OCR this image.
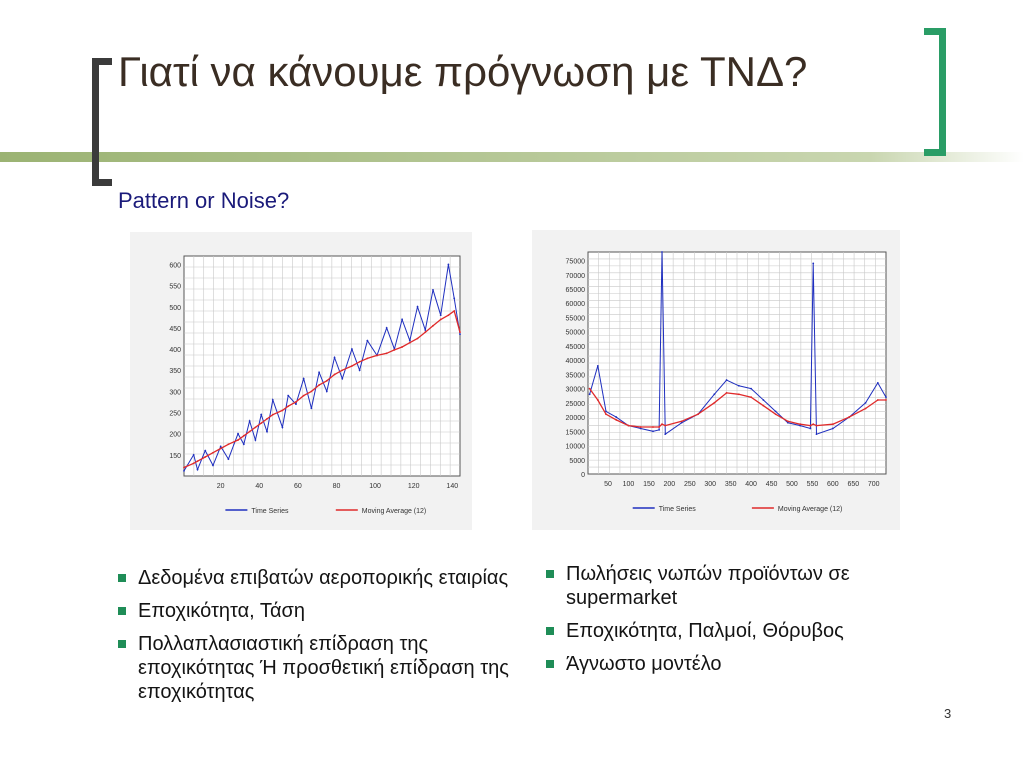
Γιατί να κάνουμε πρόγνωση με ΤΝΔ?
Pattern or Noise?
150
200
250
300
350
400
450
500
550
600
20	40	60	80	100	120	140
Time Series	Moving Average (12)
0
5000
10000
15000
20000
25000
30000
35000
40000
45000
50000
55000
60000
65000
70000
75000
50 100 150 200 250 300 350 400 450 500 550 600 650 700
Time Series	Moving Average (12)
Δεδομένα επιβατών αεροπορικής εταιρίας
Εποχικότητα, Τάση
Πολλαπλασιαστική επίδραση της εποχικότητας Ή προσθετική επίδραση της εποχικότητας
Πωλήσεις νωπών προϊόντων σε supermarket
Εποχικότητα, Παλμοί, Θόρυβος
Άγνωστο μοντέλο
3
